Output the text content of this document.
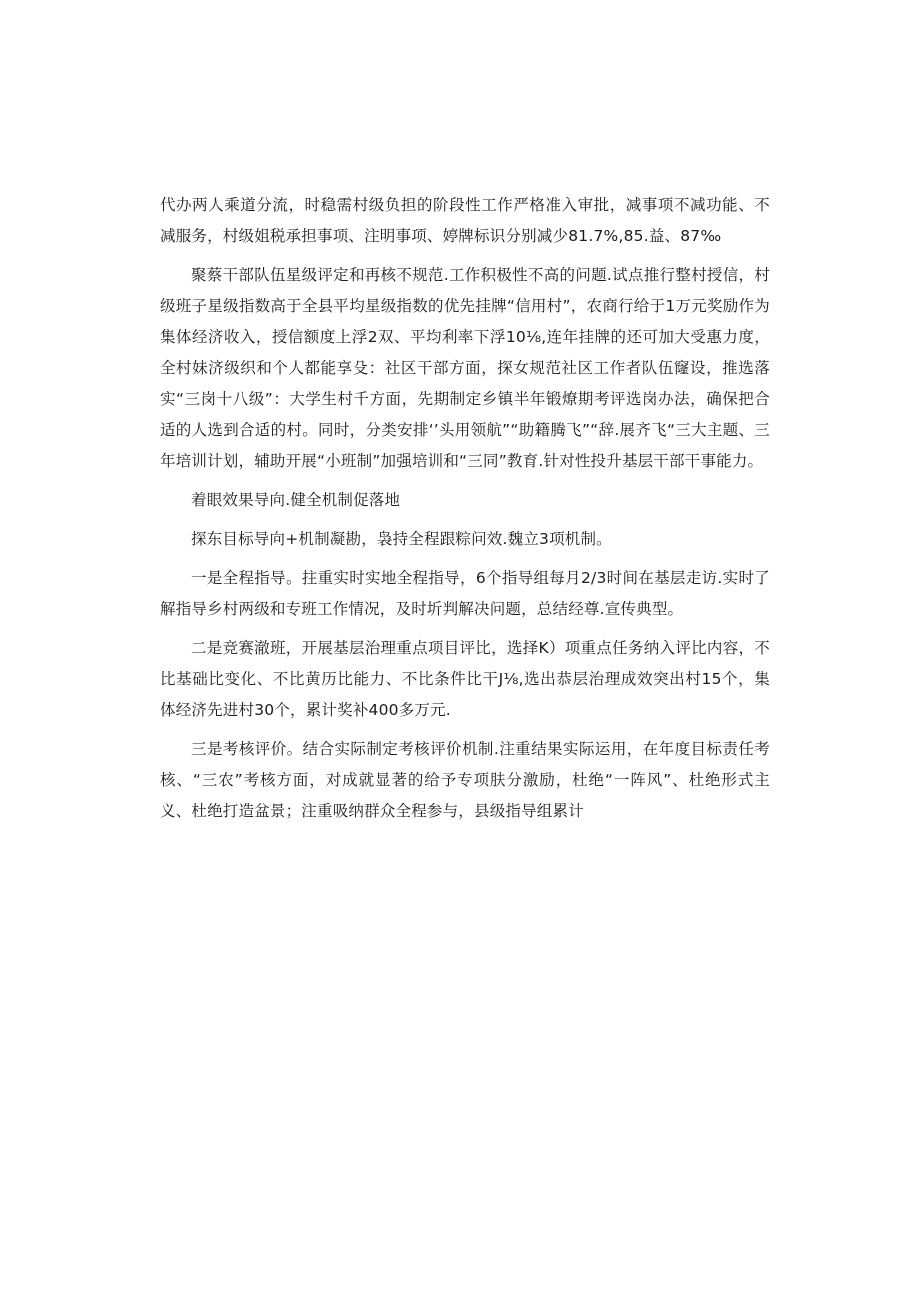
代办两人乘道分流，时稳需村级负担的阶段性工作严格准入审批，减事项不减功能、不减服务，村级姐税承担事项、注明事项、婷牌标识分别减少81.7%,85.益、87‰

聚蔡干部队伍星级评定和再核不规范.工作积极性不高的问题.试点推行整村授信，村级班子星级指数高于全县平均星级指数的优先挂牌“信用村”，农商行给于1万元奖励作为集体经济收入，授信额度上浮2双、平均利率下浮10⅛,连年挂牌的还可加大受惠力度，全村妹济级织和个人都能享殳：社区干部方面，探女规范社区工作者队伍窿设，推选落实“三岗十八级”：大学生村千方面，先期制定乡镇半年锻燎期考评选岗办法，确保把合适的人选到合适的村。同时，分类安排‘’头用领航”“助籍腾飞”“辞.展齐飞“三大主题、三年培训计划，辅助开展“小班制”加强培训和“三同”教育.针对性投升基层干部干事能力。

着眼效果导向.健全机制促落地

探东目标导向+机制凝勘，袅持全程跟粽问效.魏立3项机制。

一是全程指导。拄重实时实地全程指导，6个指导组每月2/3时间在基层走访.实时了解指导乡村两级和专班工作情况，及时圻判解决问题，总结经尊.宣传典型。

二是竞赛澈班，开展基层治理重点项目评比，选择K）项重点任务纳入评比内容，不比基础比变化、不比黄历比能力、不比条件比干J⅛,选出恭层治理成效突出村15个，集体经济先进村30个，累计奖补400多万元.

三是考核评价。结合实际制定考核评价机制.注重结果实际运用，在年度目标责任考核、“三农”考核方面，对成就显著的给予专项肤分激励，杜绝“一阵风”、杜绝形式主义、杜绝打造盆景；注重吸纳群众全程参与，县级指导组累计
